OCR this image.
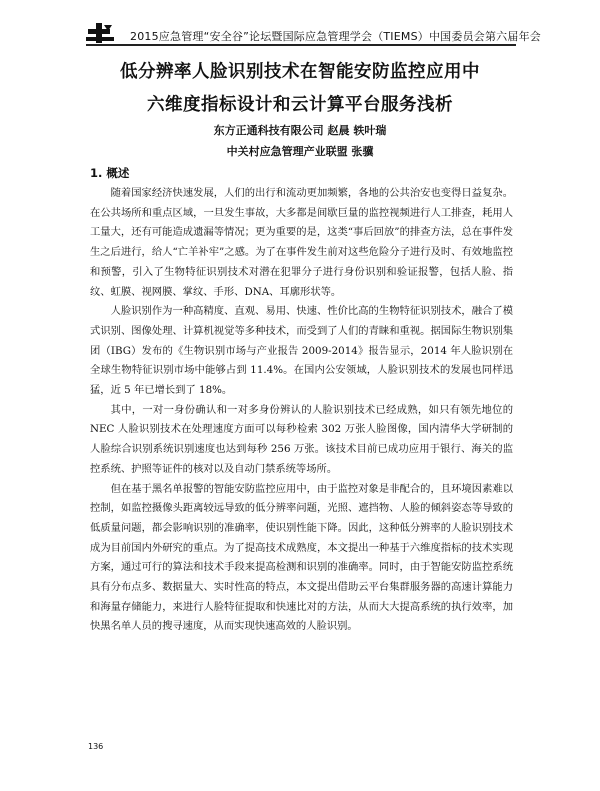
2015应急管理“安全谷”论坛暨国际应急管理学会（TIEMS）中国委员会第六届年会
低分辨率人脸识别技术在智能安防监控应用中
六维度指标设计和云计算平台服务浅析
东方正通科技有限公司 赵晨 轶叶瑞
中关村应急管理产业联盟 张骥
1. 概述

随着国家经济快速发展，人们的出行和流动更加频繁，各地的公共治安也变得日益复杂。在公共场所和重点区域，一旦发生事故，大多都是间歇巨量的监控视频进行人工排查，耗用人工量大，还有可能造成遗漏等情况；更为重要的是，这类“事后回放”的排查方法，总在事件发生之后进行，给人“亡羊补牢”之感。为了在事件发生前对这些危险分子进行及时、有效地监控和预警，引入了生物特征识别技术对潜在犯罪分子进行身份识别和验证报警，包括人脸、指纹、虹膜、视网膜、掌纹、手形、DNA、耳廓形状等。

人脸识别作为一种高精度、直观、易用、快速、性价比高的生物特征识别技术，融合了模式识别、图像处理、计算机视觉等多种技术，而受到了人们的青睐和重视。据国际生物识别集团（IBG）发布的《生物识别市场与产业报告 2009-2014》报告显示，2014 年人脸识别在全球生物特征识别市场中能够占到 11.4%。在国内公安领域，人脸识别技术的发展也同样迅猛，近 5 年已增长到了 18%。

其中，一对一身份确认和一对多身份辨认的人脸识别技术已经成熟，如只有领先地位的 NEC 人脸识别技术在处理速度方面可以每秒检索 302 万张人脸图像，国内清华大学研制的人脸综合识别系统识别速度也达到每秒 256 万张。该技术目前已成功应用于银行、海关的监控系统、护照等证件的核对以及自动门禁系统等场所。

但在基于黑名单报警的智能安防监控应用中，由于监控对象是非配合的，且环境因素难以控制，如监控摄像头距离较远导致的低分辨率问题，光照、遮挡物、人脸的倾斜姿态等导致的低质量问题，都会影响识别的准确率，使识别性能下降。因此，这种低分辨率的人脸识别技术成为目前国内外研究的重点。为了提高技术成熟度，本文提出一种基于六维度指标的技术实现方案，通过可行的算法和技术手段来提高检测和识别的准确率。同时，由于智能安防监控系统具有分布点多、数据量大、实时性高的特点，本文提出借助云平台集群服务器的高速计算能力和海量存储能力，来进行人脸特征提取和快速比对的方法，从而大大提高系统的执行效率，加快黑名单人员的搜寻速度，从而实现快速高效的人脸识别。

136
